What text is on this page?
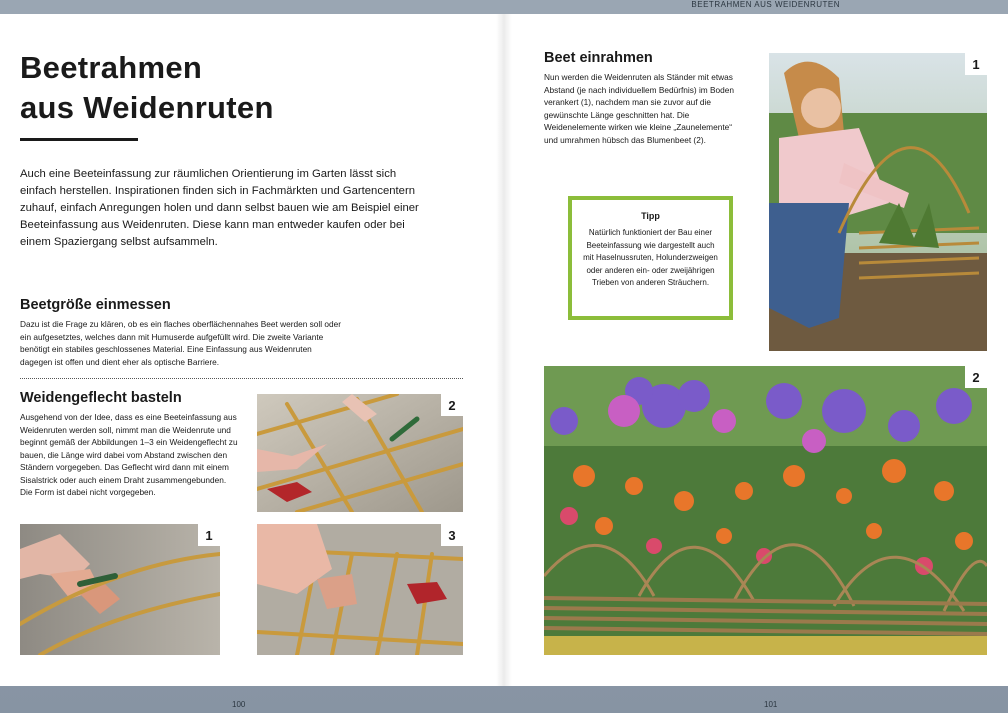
BEETRAHMEN AUS WEIDENRUTEN
Beetrahmen
aus Weidenruten
Auch eine Beeteinfassung zur räumlichen Orientierung im Garten lässt sich einfach herstellen. Inspirationen finden sich in Fachmärkten und Gartencentern zuhauf, einfach Anregungen holen und dann selbst bauen wie am Beispiel einer Beeteinfassung aus Weidenruten. Diese kann man entweder kaufen oder bei einem Spaziergang selbst aufsammeln.
Beetgröße einmessen
Dazu ist die Frage zu klären, ob es ein flaches oberflächennahes Beet werden soll oder ein aufgesetztes, welches dann mit Humuserde aufgefüllt wird. Die zweite Variante benötigt ein stabiles geschlossenes Material. Eine Einfassung aus Weidenruten dagegen ist offen und dient eher als optische Barriere.
Weidengeflecht basteln
Ausgehend von der Idee, dass es eine Beeteinfassung aus Weidenruten werden soll, nimmt man die Weidenrute und beginnt gemäß der Abbildungen 1–3 ein Weidengeflecht zu bauen, die Länge wird dabei vom Abstand zwischen den Ständern vorgegeben. Das Geflecht wird dann mit einem Sisalstrick oder auch einem Draht zusammengebunden. Die Form ist dabei nicht vorgegeben.
2
1	3
Beet einrahmen
Nun werden die Weidenruten als Ständer mit etwas Abstand (je nach individuellem Bedürfnis) im Boden verankert (1), nachdem man sie zuvor auf die gewünschte Länge geschnitten hat. Die Weidenelemente wirken wie kleine „Zaunelemente“ und umrahmen hübsch das Blumenbeet (2).
Tipp
Natürlich funktioniert der Bau einer Beeteinfassung wie dargestellt auch mit Haselnussruten, Holunderzweigen oder anderen ein- oder zweijährigen Trieben von anderen Sträuchern.
1
2
100	101
